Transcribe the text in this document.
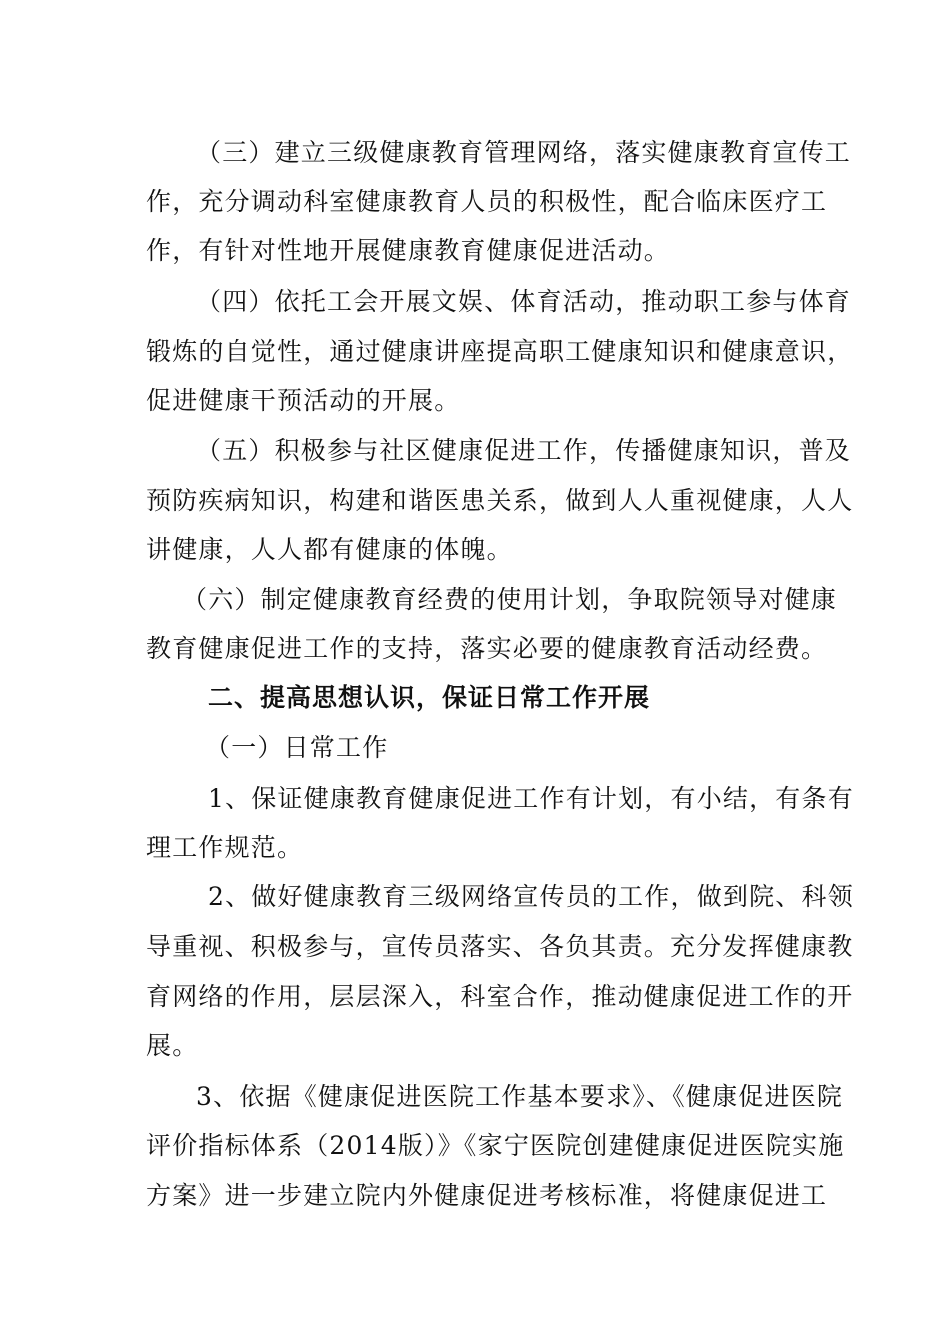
（三）建立三级健康教育管理网络，落实健康教育宣传工
作，充分调动科室健康教育人员的积极性，配合临床医疗工
作，有针对性地开展健康教育健康促进活动。
（四）依托工会开展文娱、体育活动，推动职工参与体育
锻炼的自觉性，通过健康讲座提高职工健康知识和健康意识，
促进健康干预活动的开展。
（五）积极参与社区健康促进工作，传播健康知识，普及
预防疾病知识，构建和谐医患关系，做到人人重视健康，人人
讲健康，人人都有健康的体魄。
（六）制定健康教育经费的使用计划，争取院领导对健康
教育健康促进工作的支持，落实必要的健康教育活动经费。
二、提高思想认识，保证日常工作开展
（一）日常工作
1、保证健康教育健康促进工作有计划，有小结，有条有
理工作规范。
2、做好健康教育三级网络宣传员的工作，做到院、科领
导重视、积极参与，宣传员落实、各负其责。充分发挥健康教
育网络的作用，层层深入，科室合作，推动健康促进工作的开
展。
3、依据《健康促进医院工作基本要求》、《健康促进医院
评价指标体系（2014版）》《家宁医院创建健康促进医院实施
方案》进一步建立院内外健康促进考核标准，将健康促进工
